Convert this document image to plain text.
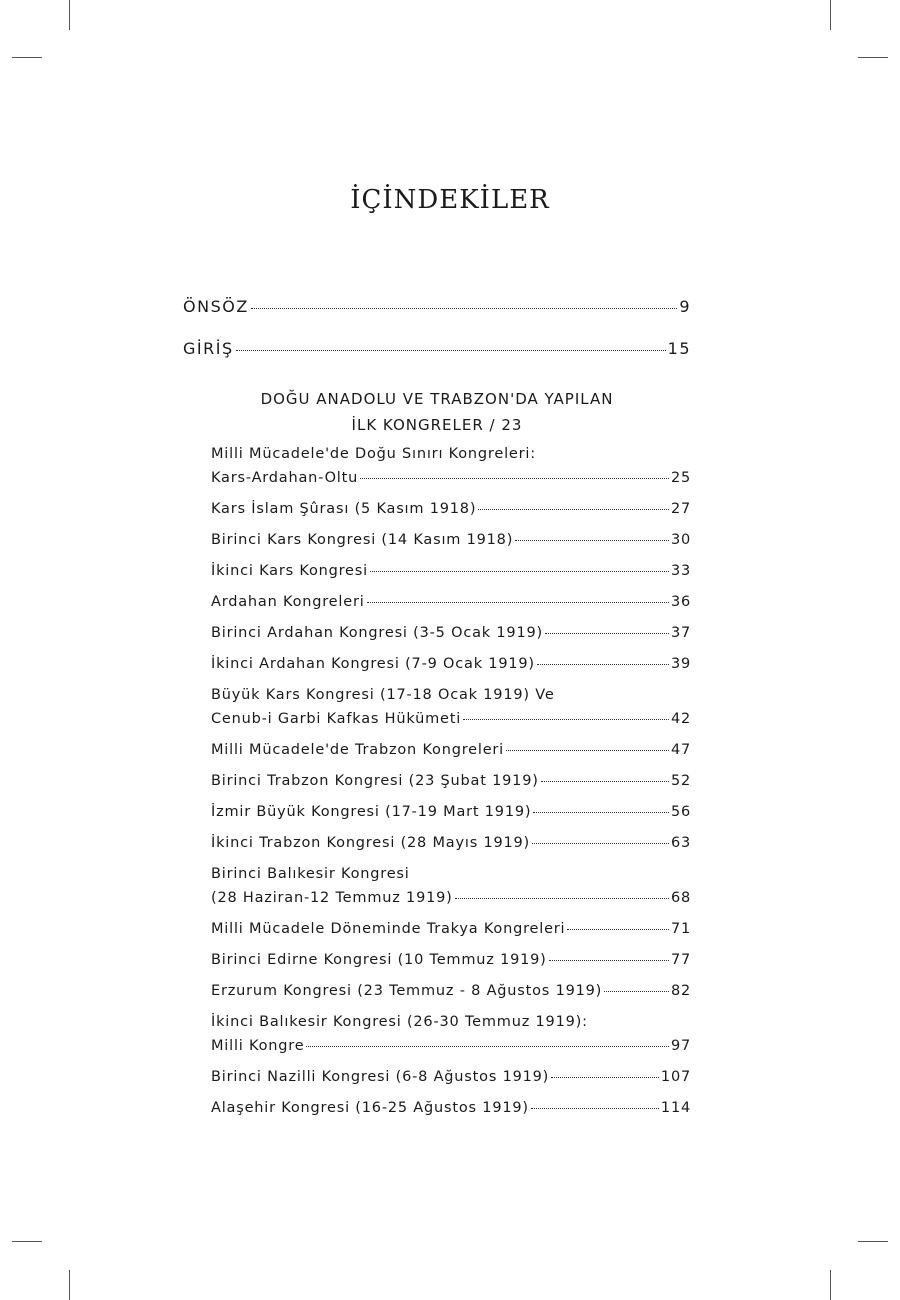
İÇİNDEKİLER
ÖNSÖZ	9
GİRİŞ	15
DOĞU ANADOLU VE TRABZON'DA YAPILAN
İLK KONGRELER / 23
Milli Mücadele'de Doğu Sınırı Kongreleri:
Kars-Ardahan-Oltu	25
Kars İslam Şûrası (5 Kasım 1918)	27
Birinci Kars Kongresi (14 Kasım 1918)	30
İkinci Kars Kongresi	33
Ardahan Kongreleri	36
Birinci Ardahan Kongresi (3-5 Ocak 1919)	37
İkinci Ardahan Kongresi (7-9 Ocak 1919)	39
Büyük Kars Kongresi (17-18 Ocak 1919) Ve
Cenub-i Garbi Kafkas Hükümeti	42
Milli Mücadele'de Trabzon Kongreleri	47
Birinci Trabzon Kongresi (23 Şubat 1919)	52
İzmir Büyük Kongresi (17-19 Mart 1919)	56
İkinci Trabzon Kongresi (28 Mayıs 1919)	63
Birinci Balıkesir Kongresi
(28 Haziran-12 Temmuz 1919)	68
Milli Mücadele Döneminde Trakya Kongreleri	71
Birinci Edirne Kongresi (10 Temmuz 1919)	77
Erzurum Kongresi (23 Temmuz - 8 Ağustos 1919)	82
İkinci Balıkesir Kongresi (26-30 Temmuz 1919):
Milli Kongre	97
Birinci Nazilli Kongresi (6-8 Ağustos 1919)	107
Alaşehir Kongresi (16-25 Ağustos 1919)	114
